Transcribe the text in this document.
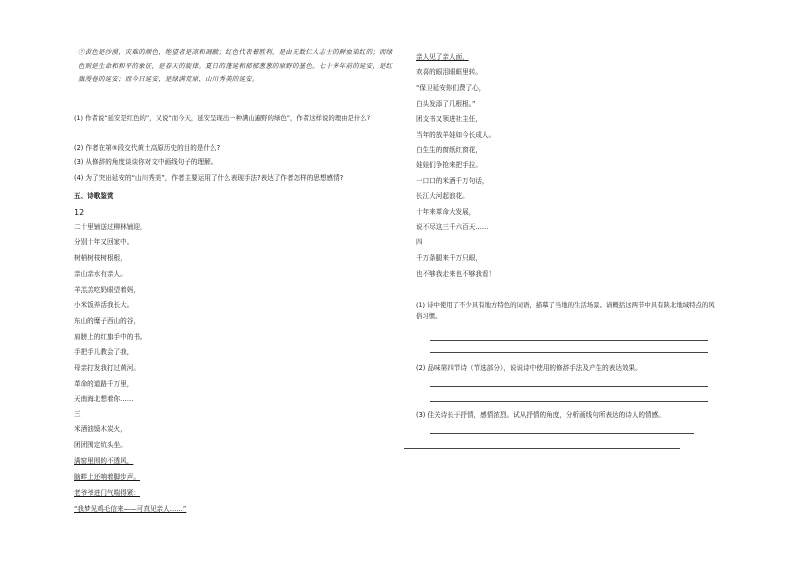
⑦黄色是沙漠、灾难的颜色，绝望者是凉和凋敝；红色代表着胜利，是由无数仁人志士的鲜血染红的；而绿色则是生命和和平的象征，是春天的旋律。夏日的蓬延和郁郁葱葱的原野的基色。七十多年前的延安，是红旗漫卷的延安；而今日延安，是绿满荒原、山川秀美的延安。
(1) 作者说“延安是红色的”，又说“而今天，延安呈现出一种满山遍野的绿色”，作者这样说的理由是什么?
(2) 作者在第⑤段交代黄土高原历史的目的是什么?
(3) 从修辞的角度谈谈你对文中画线句子的理解。
(4) 为了突出延安的“山川秀美”，作者主要运用了什么表现手法?表达了作者怎样的思想感情?
五、诗歌鉴赏
12
二十里铺送过柳林铺迎，
分别十年又回家中。
树梢树枝树根根，
亲山亲水有亲人。
羊羔羔吃奶眼望着妈，
小米饭养活我长大。
东山的糜子西山的谷，
肩膀上的红旗手中的书。
手把手儿教会了我，
母亲打发我打过黄河。
革命的道路千万里，
天南海北想着你……
三
米酒油馍木炭火，
团团围定炕头坐。
满窑里围的不透风，
脑畔上还响着脚步声。
老爷爷进门气喘得紧：
“我梦见鸡毛信来——可真见亲人……”
亲人见了亲人面，
欢喜的眼泪眼眶里转。
“保卫延安你们费了心，
白头发添了几根根。”
团支书又领进社主任，
当年的放羊娃如今长成人。
白生生的窗纸红窗花，
娃娃们争抢来把手拉。
一口口的米酒千万句话，
长江大河起浪花。
十年来革命大发展，
说不尽这三千六百天……
四
千万条腿来千万只眼，
也不够我走来也不够我看！
(1) 诗中使用了不少具有地方特色的词语，描摹了当地的生活场景。请概括这两节中具有陕北地域特点的风俗习惯。
(2) 品味第四节诗（节选部分），说说诗中使用的修辞手法及产生的表达效果。
(3) 佳关诗长于抒情，感情浓烈。试从抒情的角度，分析画线句所表达的诗人的情感。
